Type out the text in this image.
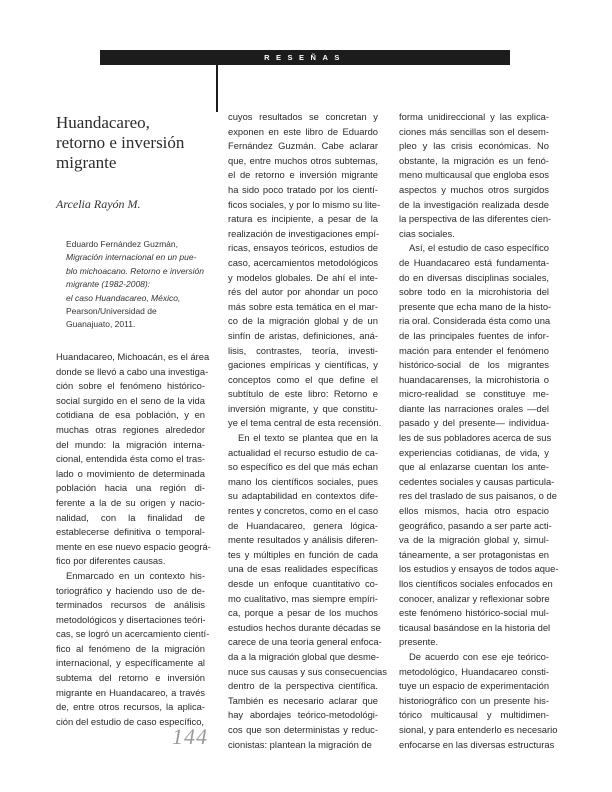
RESEÑAS
Huandacareo,
retorno e inversión
migrante
Arcelia Rayón M.
Eduardo Fernández Guzmán,
Migración internacional en un pue-
blo michoacano. Retorno e inversión
migrante (1982-2008):
el caso Huandacareo, México,
Pearson/Universidad de
Guanajuato, 2011.
Huandacareo, Michoacán, es el área
donde se llevó a cabo una investiga-
ción sobre el fenómeno histórico-
social surgido en el seno de la vida
cotidiana de esa población, y en
muchas otras regiones alrededor
del mundo: la migración interna-
cional, entendida ésta como el tras-
lado o movimiento de determinada
población hacia una región di-
ferente a la de su origen y nacio-
nalidad, con la finalidad de
establecerse definitiva o temporal-
mente en ese nuevo espacio geográ-
fico por diferentes causas.
Enmarcado en un contexto his-
toriográfico y haciendo uso de de-
terminados recursos de análisis
metodológicos y disertaciones teóri-
cas, se logró un acercamiento cientí-
fico al fenómeno de la migración
internacional, y específicamente al
subtema del retorno e inversión
migrante en Huandacareo, a través
de, entre otros recursos, la aplica-
ción del estudio de caso específico,
cuyos resultados se concretan y
exponen en este libro de Eduardo
Fernández Guzmán. Cabe aclarar
que, entre muchos otros subtemas,
el de retorno e inversión migrante
ha sido poco tratado por los cientí-
ficos sociales, y por lo mismo su lite-
ratura es incipiente, a pesar de la
realización de investigaciones empí-
ricas, ensayos teóricos, estudios de
caso, acercamientos metodológicos
y modelos globales. De ahí el inte-
rés del autor por ahondar un poco
más sobre esta temática en el mar-
co de la migración global y de un
sinfín de aristas, definiciones, aná-
lisis, contrastes, teoría, investi-
gaciones empíricas y científicas, y
conceptos como el que define el
subtítulo de este libro: Retorno e
inversión migrante, y que constitu-
ye el tema central de esta recensión.
En el texto se plantea que en la
actualidad el recurso estudio de ca-
so específico es del que más echan
mano los científicos sociales, pues
su adaptabilidad en contextos dife-
rentes y concretos, como en el caso
de Huandacareo, genera lógica-
mente resultados y análisis diferen-
tes y múltiples en función de cada
una de esas realidades específicas
desde un enfoque cuantitativo co-
mo cualitativo, mas siempre empíri-
ca, porque a pesar de los muchos
estudios hechos durante décadas se
carece de una teoría general enfoca-
da a la migración global que desme-
nuce sus causas y sus consecuencias
dentro de la perspectiva científica.
También es necesario aclarar que
hay abordajes teórico-metodológi-
cos que son deterministas y reduc-
cionistas: plantean la migración de
forma unidireccional y las explica-
ciones más sencillas son el desem-
pleo y las crisis económicas. No
obstante, la migración es un fenó-
meno multicausal que engloba esos
aspectos y muchos otros surgidos
de la investigación realizada desde
la perspectiva de las diferentes cien-
cias sociales.
Así, el estudio de caso específico
de Huandacareo está fundamenta-
do en diversas disciplinas sociales,
sobre todo en la microhistoria del
presente que echa mano de la histo-
ria oral. Considerada ésta como una
de las principales fuentes de infor-
mación para entender el fenómeno
histórico-social de los migrantes
huandacarenses, la microhistoria o
micro-realidad se constituye me-
diante las narraciones orales —del
pasado y del presente— individua-
les de sus pobladores acerca de sus
experiencias cotidianas, de vida, y
que al enlazarse cuentan los ante-
cedentes sociales y causas particula-
res del traslado de sus paisanos, o de
ellos mismos, hacia otro espacio
geográfico, pasando a ser parte acti-
va de la migración global y, simul-
táneamente, a ser protagonistas en
los estudios y ensayos de todos aque-
llos científicos sociales enfocados en
conocer, analizar y reflexionar sobre
este fenómeno histórico-social mul-
ticausal basándose en la historia del
presente.
De acuerdo con ese eje teórico-
metodológico, Huandacareo consti-
tuye un espacio de experimentación
historiográfico con un presente his-
tórico multicausal y multidimen-
sional, y para entenderlo es necesario
enfocarse en las diversas estructuras
144
